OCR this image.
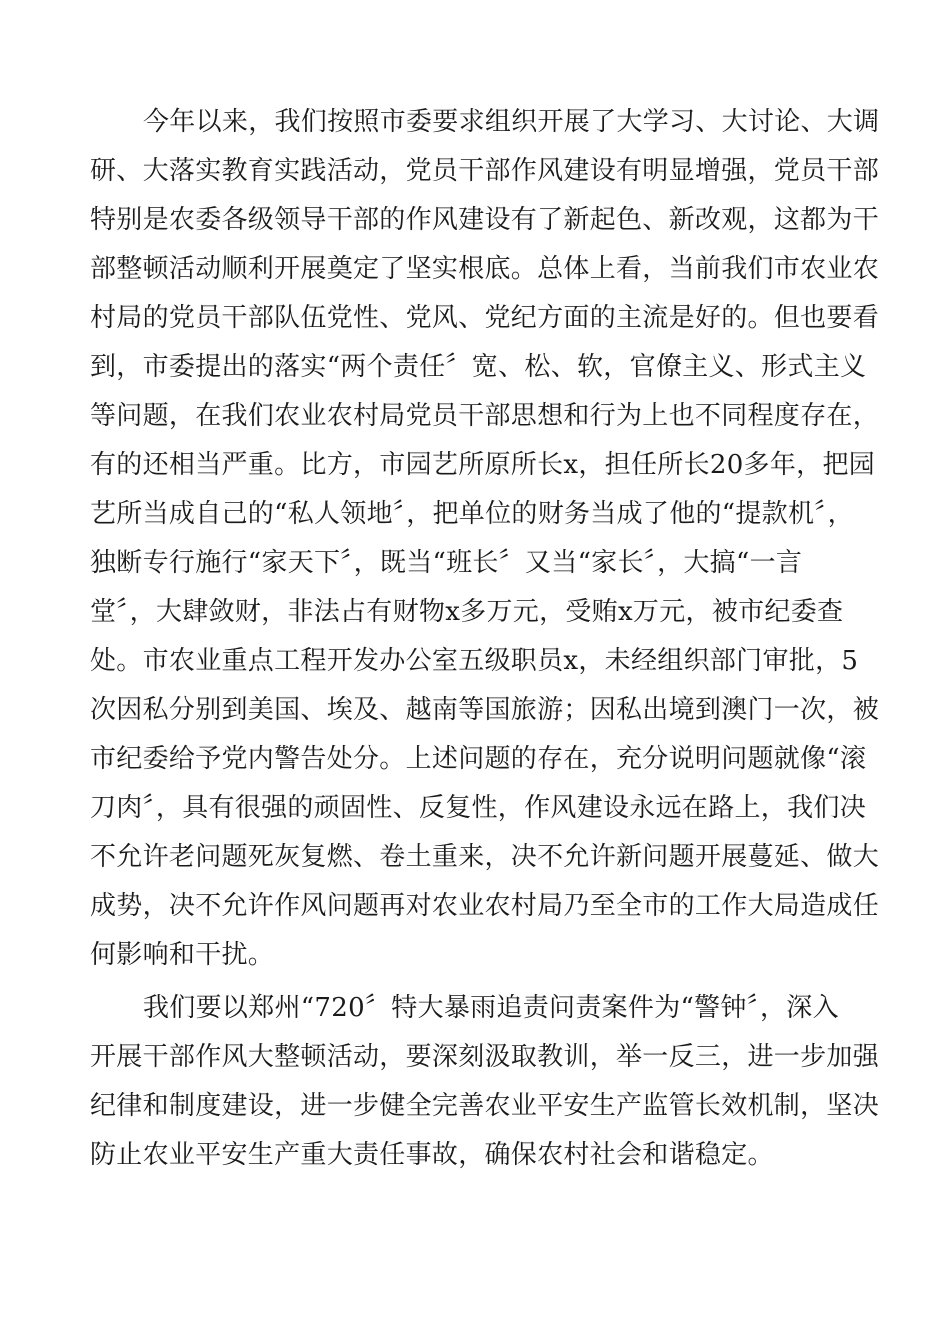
今年以来，我们按照市委要求组织开展了大学习、大讨论、大调
研、大落实教育实践活动，党员干部作风建设有明显增强，党员干部
特别是农委各级领导干部的作风建设有了新起色、新改观，这都为干
部整顿活动顺利开展奠定了坚实根底。总体上看，当前我们市农业农
村局的党员干部队伍党性、党风、党纪方面的主流是好的。但也要看
到，市委提出的落实“两个责任〞宽、松、软，官僚主义、形式主义
等问题，在我们农业农村局党员干部思想和行为上也不同程度存在，
有的还相当严重。比方，市园艺所原所长x，担任所长20多年，把园
艺所当成自己的“私人领地〞，把单位的财务当成了他的“提款机〞，
独断专行施行“家天下〞，既当“班长〞又当“家长〞，大搞“一言
堂〞，大肆敛财，非法占有财物x多万元，受贿x万元，被市纪委查
处。市农业重点工程开发办公室五级职员x，未经组织部门审批，5
次因私分别到美国、埃及、越南等国旅游；因私出境到澳门一次，被
市纪委给予党内警告处分。上述问题的存在，充分说明问题就像“滚
刀肉〞，具有很强的顽固性、反复性，作风建设永远在路上，我们决
不允许老问题死灰复燃、卷土重来，决不允许新问题开展蔓延、做大
成势，决不允许作风问题再对农业农村局乃至全市的工作大局造成任
何影响和干扰。
我们要以郑州“720〞特大暴雨追责问责案件为“警钟〞，深入
开展干部作风大整顿活动，要深刻汲取教训，举一反三，进一步加强
纪律和制度建设，进一步健全完善农业平安生产监管长效机制，坚决
防止农业平安生产重大责任事故，确保农村社会和谐稳定。
